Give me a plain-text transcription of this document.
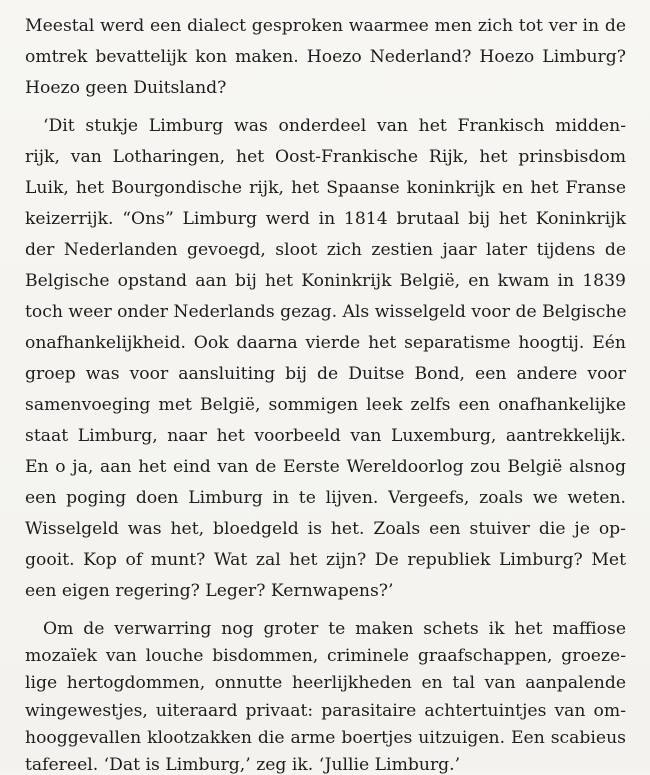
Meestal werd een dialect gesproken waarmee men zich tot ver in de
omtrek bevattelijk kon maken. Hoezo Nederland? Hoezo Limburg?
Hoezo geen Duitsland?
‘Dit stukje Limburg was onderdeel van het Frankisch midden-
rijk, van Lotharingen, het Oost-Frankische Rijk, het prinsbisdom
Luik, het Bourgondische rijk, het Spaanse koninkrijk en het Franse
keizerrijk. “Ons” Limburg werd in 1814 brutaal bij het Koninkrijk
der Nederlanden gevoegd, sloot zich zestien jaar later tijdens de
Belgische opstand aan bij het Koninkrijk België, en kwam in 1839
toch weer onder Nederlands gezag. Als wisselgeld voor de Belgische
onafhankelijkheid. Ook daarna vierde het separatisme hoogtij. Eén
groep was voor aansluiting bij de Duitse Bond, een andere voor
samenvoeging met België, sommigen leek zelfs een onafhankelijke
staat Limburg, naar het voorbeeld van Luxemburg, aantrekkelijk.
En o ja, aan het eind van de Eerste Wereldoorlog zou België alsnog
een poging doen Limburg in te lijven. Vergeefs, zoals we weten.
Wisselgeld was het, bloedgeld is het. Zoals een stuiver die je op-
gooit. Kop of munt? Wat zal het zijn? De republiek Limburg? Met
een eigen regering? Leger? Kernwapens?’
Om de verwarring nog groter te maken schets ik het maffiose
mozaïek van louche bisdommen, criminele graafschappen, groeze-
lige hertogdommen, onnutte heerlijkheden en tal van aanpalende
wingewestjes, uiteraard privaat: parasitaire achtertuintjes van om-
hooggevallen klootzakken die arme boertjes uitzuigen. Een scabieus
tafereel. ‘Dat is Limburg,’ zeg ik. ‘Jullie Limburg.’
